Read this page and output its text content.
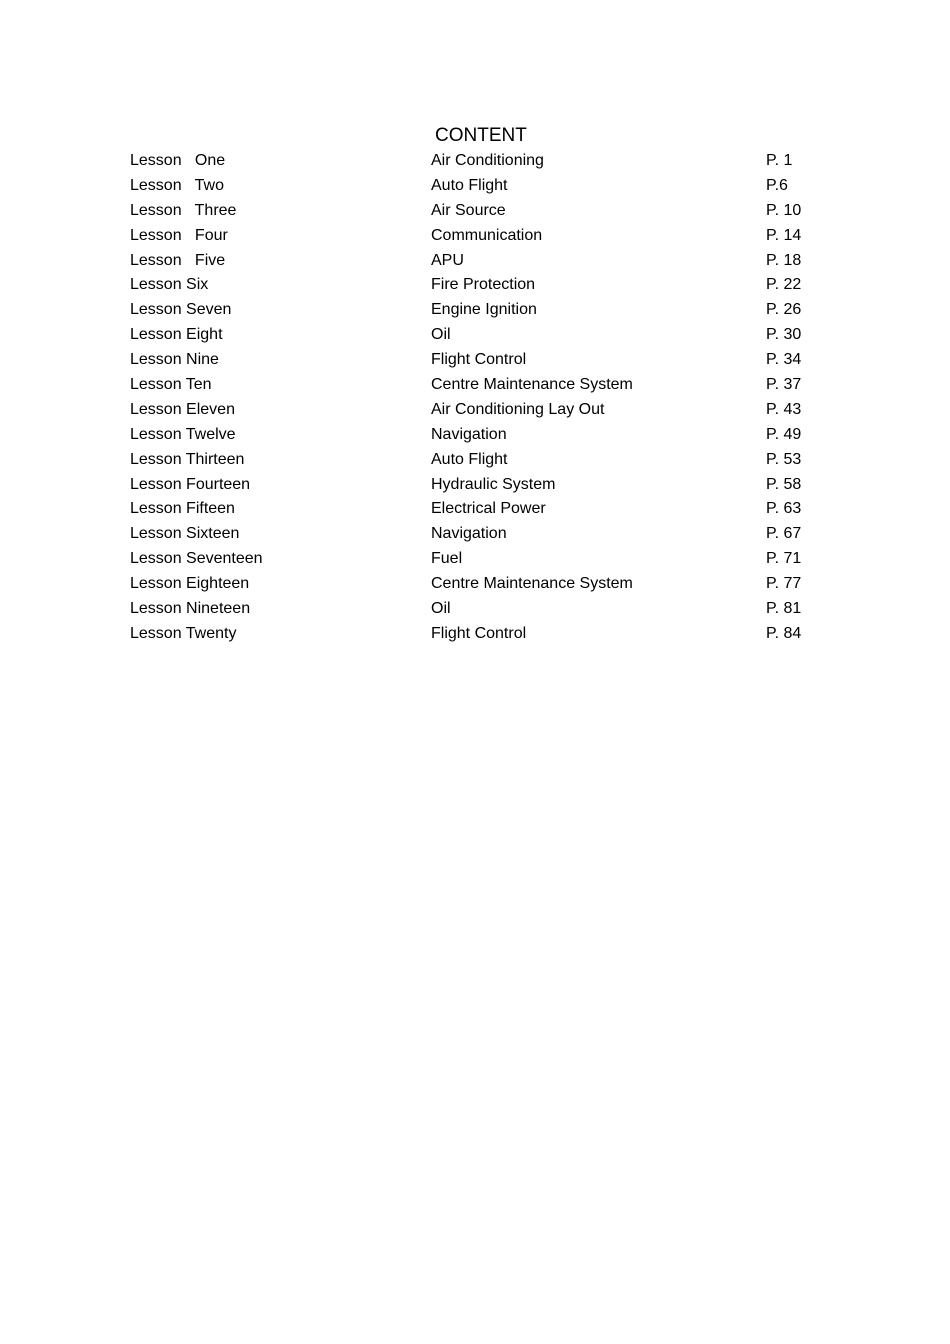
CONTENT
Lesson   One	Air Conditioning	P. 1
Lesson   Two	Auto Flight	P.6
Lesson   Three	Air Source	P. 10
Lesson   Four	Communication	P. 14
Lesson   Five	APU	P. 18
Lesson Six	Fire Protection	P. 22
Lesson Seven	Engine Ignition	P. 26
Lesson Eight	Oil	P. 30
Lesson Nine	Flight Control	P. 34
Lesson Ten	Centre Maintenance System	P. 37
Lesson Eleven	Air Conditioning Lay Out	P. 43
Lesson Twelve	Navigation	P. 49
Lesson Thirteen	Auto Flight	P. 53
Lesson Fourteen	Hydraulic System	P. 58
Lesson Fifteen	Electrical Power	P. 63
Lesson Sixteen	Navigation	P. 67
Lesson Seventeen	Fuel	P. 71
Lesson Eighteen	Centre Maintenance System	P. 77
Lesson Nineteen	Oil	P. 81
Lesson Twenty	Flight Control	P. 84
